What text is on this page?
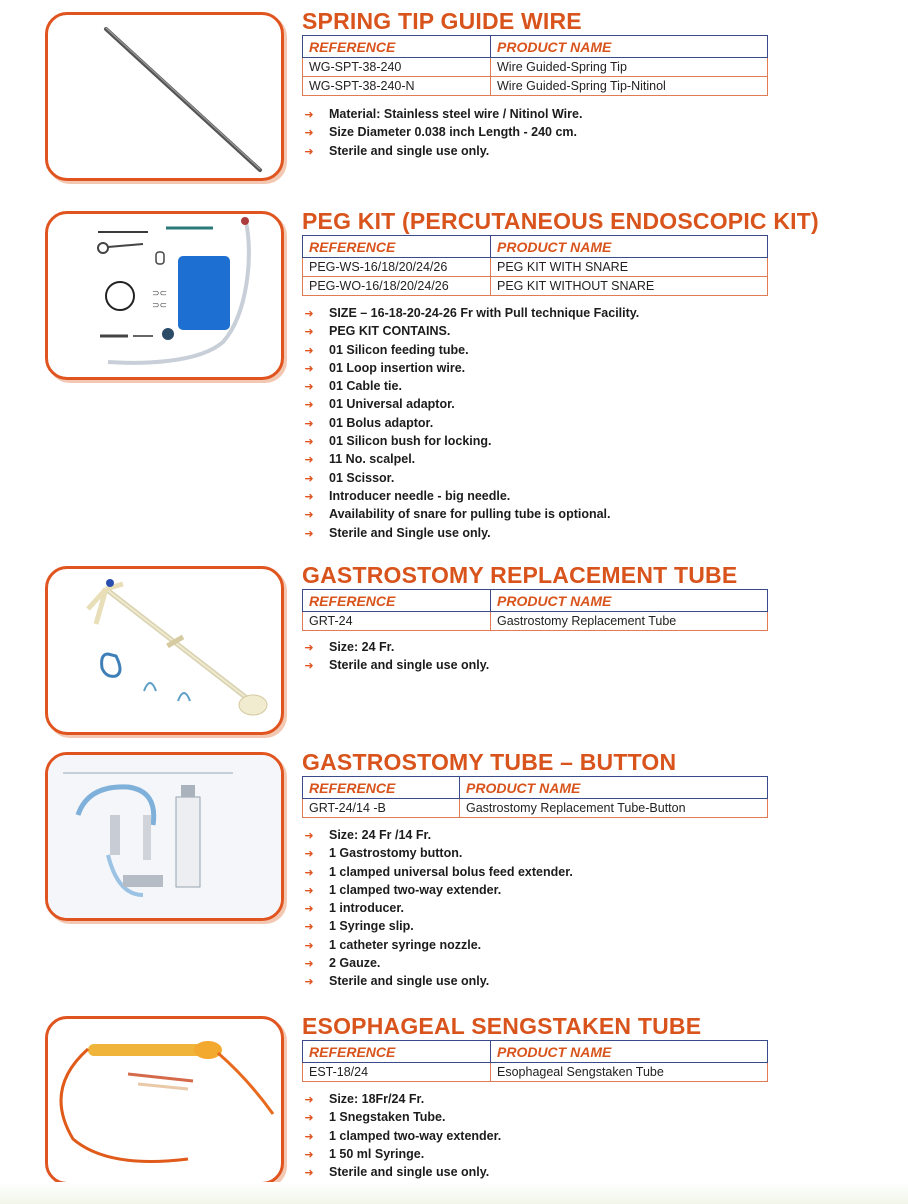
SPRING TIP GUIDE WIRE
REFERENCE	PRODUCT NAME
WG-SPT-38-240	Wire Guided-Spring Tip
WG-SPT-38-240-N	Wire Guided-Spring Tip-Nitinol
➜ Material: Stainless steel wire / Nitinol Wire.
➜ Size Diameter 0.038 inch Length - 240 cm.
➜ Sterile and single use only.
⊃⊂
⊃⊂
PEG KIT (PERCUTANEOUS ENDOSCOPIC KIT)
REFERENCE	PRODUCT NAME
PEG-WS-16/18/20/24/26	PEG KIT WITH SNARE
PEG-WO-16/18/20/24/26	PEG KIT WITHOUT SNARE
➜ SIZE – 16-18-20-24-26 Fr with Pull technique Facility.
➜ PEG KIT CONTAINS.
➜ 01 Silicon feeding tube.
➜ 01 Loop insertion wire.
➜ 01 Cable tie.
➜ 01 Universal adaptor.
➜ 01 Bolus adaptor.
➜ 01 Silicon bush for locking.
➜ 11 No. scalpel.
➜ 01 Scissor.
➜ Introducer needle - big needle.
➜ Availability of snare for pulling tube is optional.
➜ Sterile and Single use only.
GASTROSTOMY REPLACEMENT TUBE
REFERENCE	PRODUCT NAME
GRT-24	Gastrostomy Replacement Tube
➜ Size: 24 Fr.
➜ Sterile and single use only.
GASTROSTOMY TUBE – BUTTON
REFERENCE	PRODUCT NAME
GRT-24/14 -B	Gastrostomy Replacement Tube-Button
➜ Size: 24 Fr /14 Fr.
➜ 1 Gastrostomy button.
➜ 1 clamped universal bolus feed extender.
➜ 1 clamped two-way extender.
➜ 1 introducer.
➜ 1 Syringe slip.
➜ 1 catheter syringe nozzle.
➜ 2 Gauze.
➜ Sterile and single use only.
ESOPHAGEAL SENGSTAKEN TUBE
REFERENCE	PRODUCT NAME
EST-18/24	Esophageal Sengstaken Tube
➜ Size: 18Fr/24 Fr.
➜ 1 Snegstaken Tube.
➜ 1 clamped two-way extender.
➜ 1 50 ml Syringe.
➜ Sterile and single use only.
